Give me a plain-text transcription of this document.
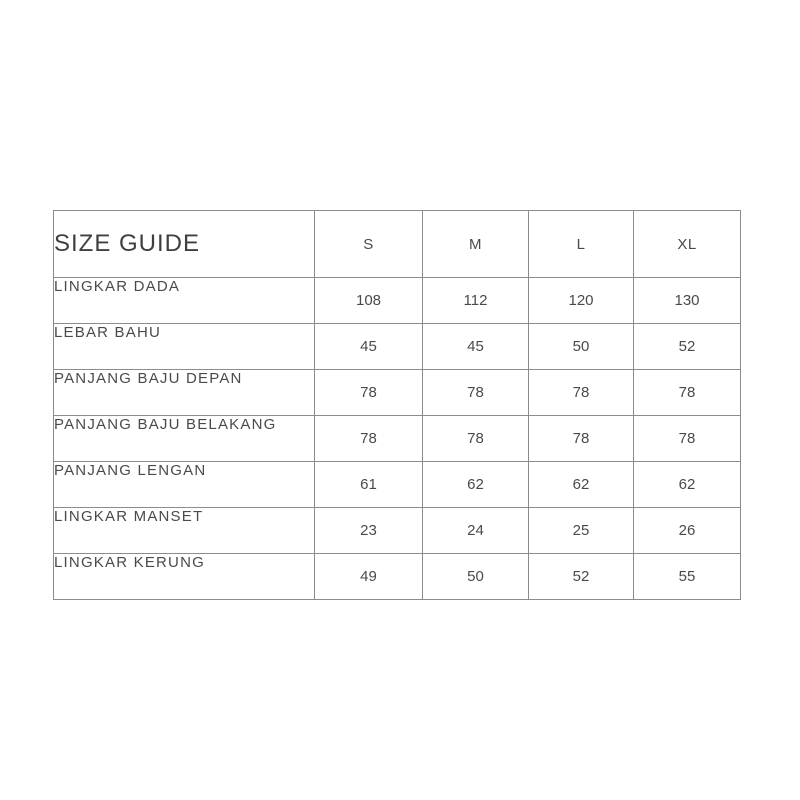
SIZE GUIDE	S	M	L	XL
LINGKAR DADA	108	112	120	130
LEBAR BAHU	45	45	50	52
PANJANG BAJU DEPAN	78	78	78	78
PANJANG BAJU BELAKANG	78	78	78	78
PANJANG LENGAN	61	62	62	62
LINGKAR MANSET	23	24	25	26
LINGKAR KERUNG	49	50	52	55
